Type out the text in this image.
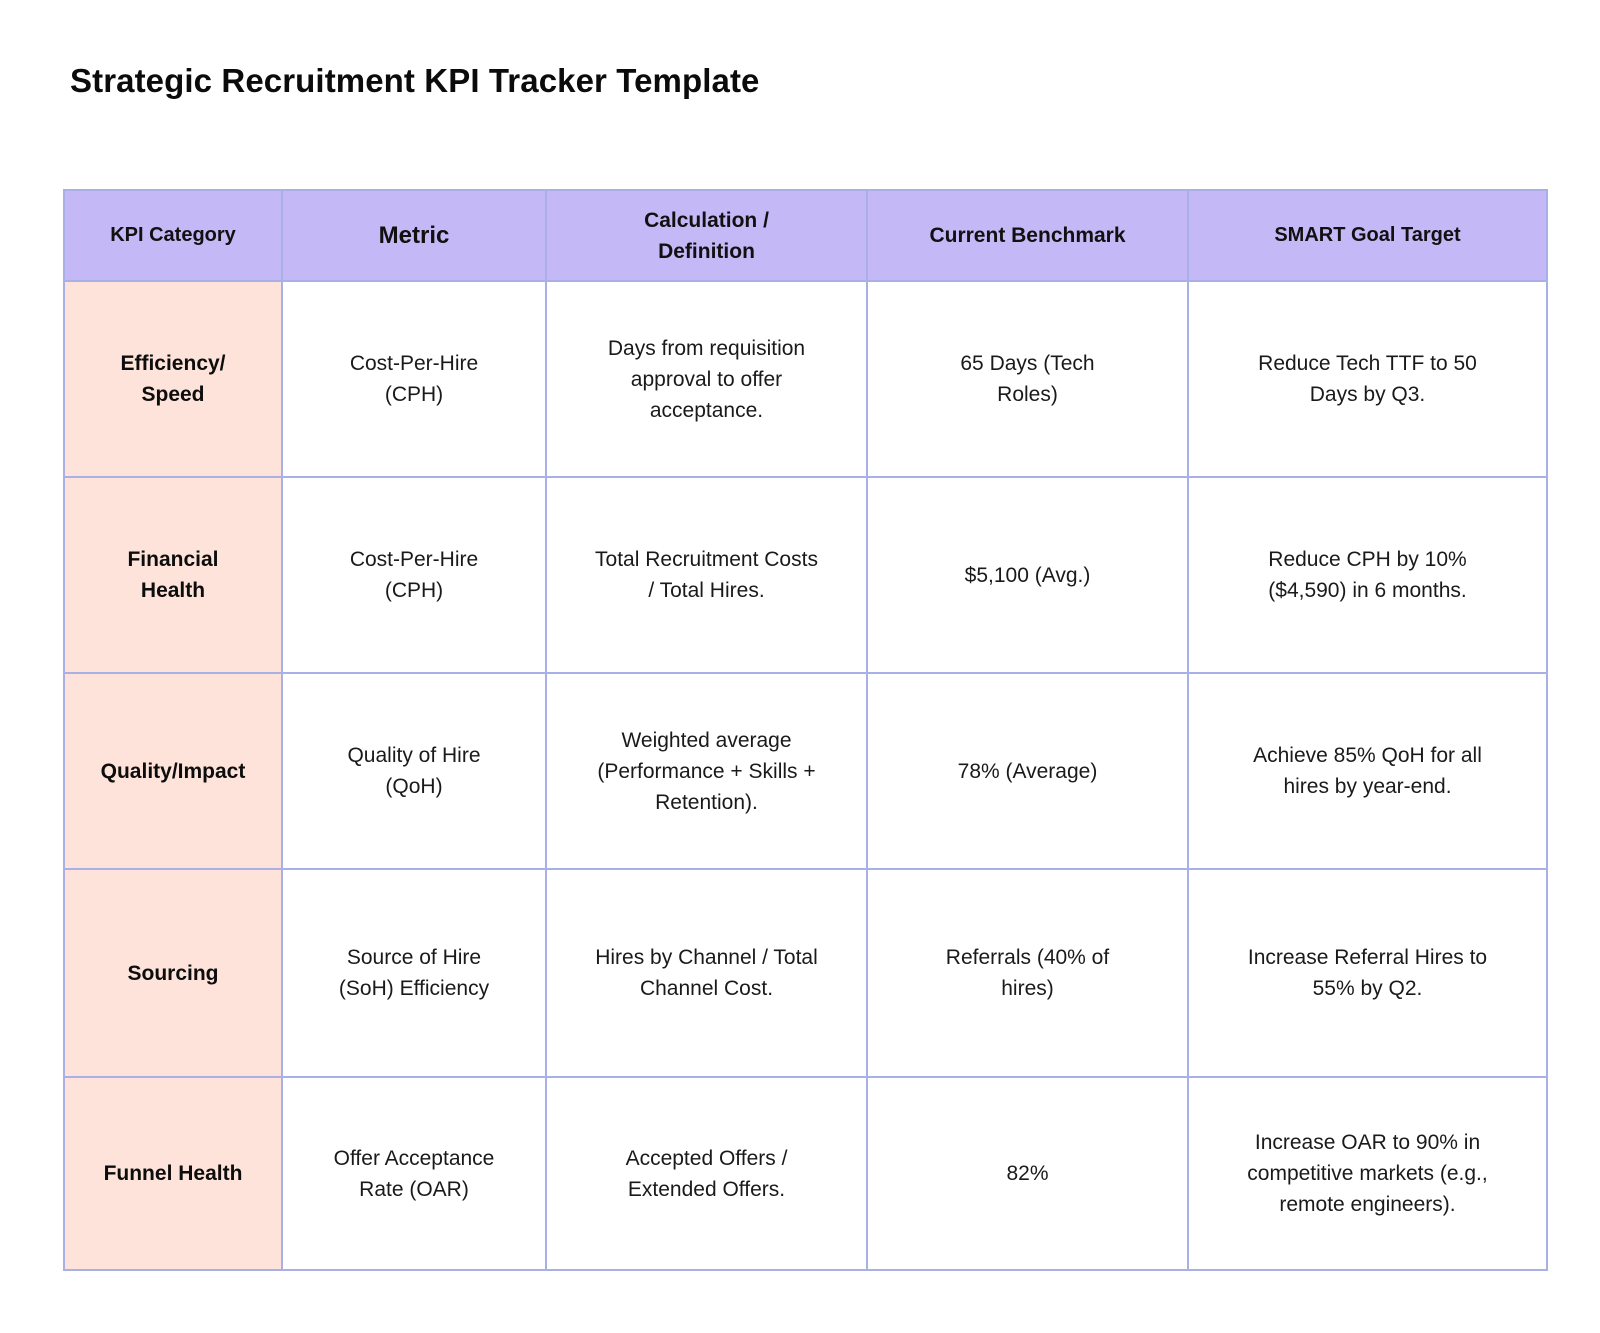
Strategic Recruitment KPI Tracker Template
KPI Category	Metric	Calculation / Definition	Current Benchmark	SMART Goal Target
Efficiency/ Speed	Cost-Per-Hire (CPH)	Days from requisition approval to offer acceptance.	65 Days (Tech Roles)	Reduce Tech TTF to 50 Days by Q3.
Financial Health	Cost-Per-Hire (CPH)	Total Recruitment Costs / Total Hires.	$5,100 (Avg.)	Reduce CPH by 10% ($4,590) in 6 months.
Quality/Impact	Quality of Hire (QoH)	Weighted average (Performance + Skills + Retention).	78% (Average)	Achieve 85% QoH for all hires by year-end.
Sourcing	Source of Hire (SoH) Efficiency	Hires by Channel / Total Channel Cost.	Referrals (40% of hires)	Increase Referral Hires to 55% by Q2.
Funnel Health	Offer Acceptance Rate (OAR)	Accepted Offers / Extended Offers.	82%	Increase OAR to 90% in competitive markets (e.g., remote engineers).
